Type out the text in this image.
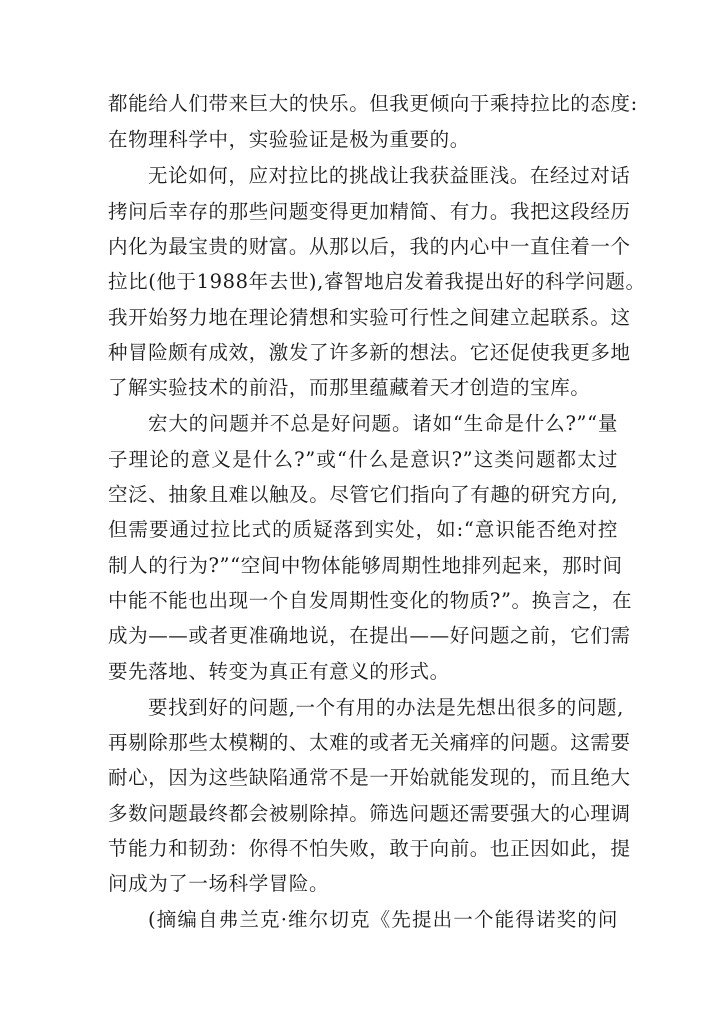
都能给人们带来巨大的快乐。但我更倾向于乘持拉比的态度:
在物理科学中，实验验证是极为重要的。
无论如何，应对拉比的挑战让我获益匪浅。在经过对话
拷问后幸存的那些问题变得更加精简、有力。我把这段经历
内化为最宝贵的财富。从那以后，我的内心中一直住着一个
拉比(他于1988年去世),睿智地启发着我提出好的科学问题。
我开始努力地在理论猜想和实验可行性之间建立起联系。这
种冒险颇有成效，激发了许多新的想法。它还促使我更多地
了解实验技术的前沿，而那里蕴藏着天才创造的宝库。
宏大的问题并不总是好问题。诸如“生命是什么?”“量
子理论的意义是什么?”或“什么是意识?”这类问题都太过
空泛、抽象且难以触及。尽管它们指向了有趣的研究方向,
但需要通过拉比式的质疑落到实处，如:“意识能否绝对控
制人的行为?”“空间中物体能够周期性地排列起来，那时间
中能不能也出现一个自发周期性变化的物质?”。换言之，在
成为——或者更准确地说，在提出——好问题之前，它们需
要先落地、转变为真正有意义的形式。
要找到好的问题,一个有用的办法是先想出很多的问题,
再剔除那些太模糊的、太难的或者无关痛痒的问题。这需要
耐心，因为这些缺陷通常不是一开始就能发现的，而且绝大
多数问题最终都会被剔除掉。筛选问题还需要强大的心理调
节能力和韧劲：你得不怕失败，敢于向前。也正因如此，提
问成为了一场科学冒险。
(摘编自弗兰克·维尔切克《先提出一个能得诺奖的问
